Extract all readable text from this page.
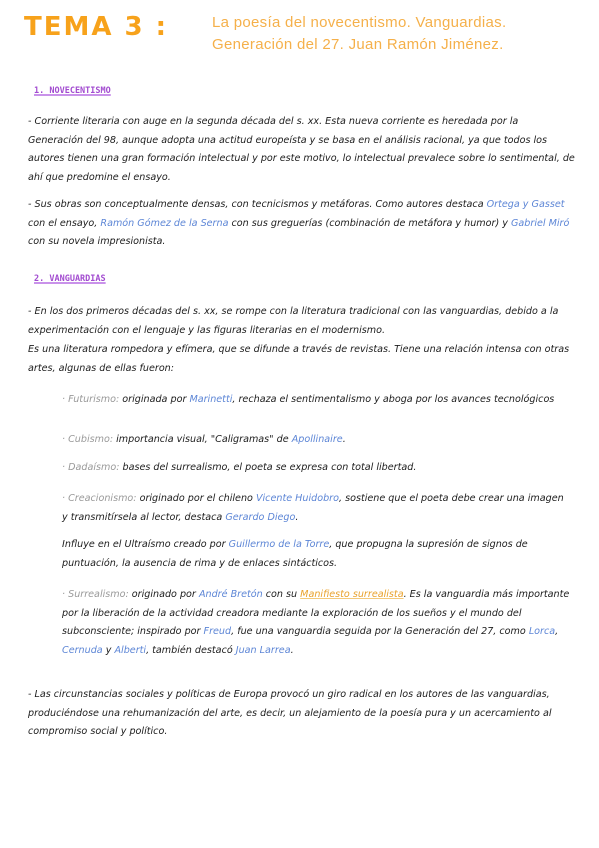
TEMA 3 :	La poesía del novecentismo. Vanguardias.
Generación del 27. Juan Ramón Jiménez.
1. NOVECENTISMO
- Corriente literaria con auge en la segunda década del s. xx. Esta nueva corriente es heredada por la Generación del 98, aunque adopta una actitud europeísta y se basa en el análisis racional, ya que todos los autores tienen una gran formación intelectual y por este motivo, lo intelectual prevalece sobre lo sentimental, de ahí que predomine el ensayo.
- Sus obras son conceptualmente densas, con tecnicismos y metáforas. Como autores destaca Ortega y Gasset con el ensayo, Ramón Gómez de la Serna con sus greguerías (combinación de metáfora y humor) y Gabriel Miró con su novela impresionista.
2. VANGUARDIAS
- En los dos primeros décadas del s. xx, se rompe con la literatura tradicional con las vanguardias, debido a la experimentación con el lenguaje y las figuras literarias en el modernismo.
Es una literatura rompedora y efímera, que se difunde a través de revistas. Tiene una relación intensa con otras artes, algunas de ellas fueron:
· Futurismo: originada por Marinetti, rechaza el sentimentalismo y aboga por los avances tecnológicos
· Cubismo: importancia visual, "Caligramas" de Apollinaire.
· Dadaísmo: bases del surrealismo, el poeta se expresa con total libertad.
· Creacionismo: originado por el chileno Vicente Huidobro, sostiene que el poeta debe crear una imagen y transmitírsela al lector, destaca Gerardo Diego.
Influye en el Ultraísmo creado por Guillermo de la Torre, que propugna la supresión de signos de puntuación, la ausencia de rima y de enlaces sintácticos.
· Surrealismo: originado por André Bretón con su Manifiesto surrealista. Es la vanguardia más importante por la liberación de la actividad creadora mediante la exploración de los sueños y el mundo del subconsciente; inspirado por Freud, fue una vanguardia seguida por la Generación del 27, como Lorca, Cernuda y Alberti, también destacó Juan Larrea.
- Las circunstancias sociales y políticas de Europa provocó un giro radical en los autores de las vanguardias, produciéndose una rehumanización del arte, es decir, un alejamiento de la poesía pura y un acercamiento al compromiso social y político.
